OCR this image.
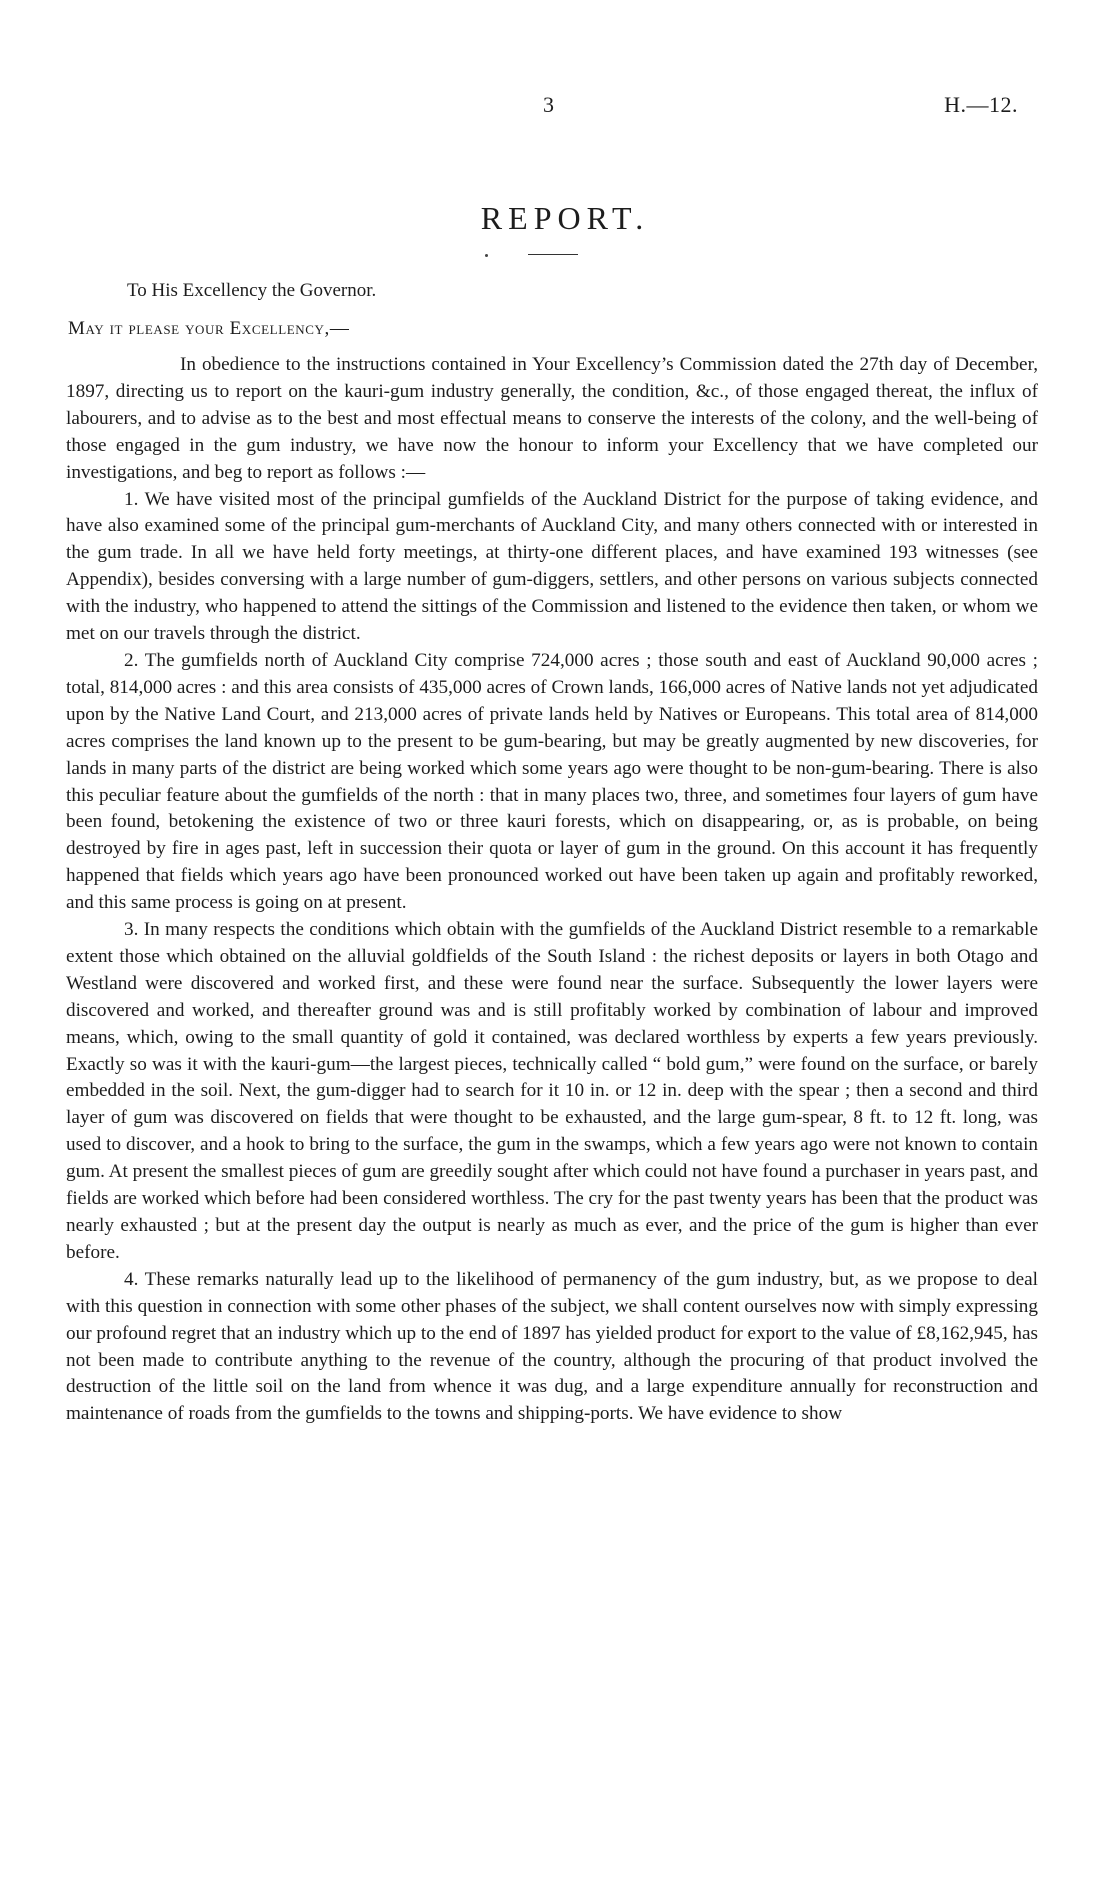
3	H.—12.
REPORT.
To His Excellency the Governor.
May it please your Excellency,—

In obedience to the instructions contained in Your Excellency’s Commission dated the 27th day of December, 1897, directing us to report on the kauri-gum industry generally, the condition, &c., of those engaged thereat, the influx of labourers, and to advise as to the best and most effectual means to conserve the interests of the colony, and the well-being of those engaged in the gum industry, we have now the honour to inform your Excellency that we have completed our investigations, and beg to report as follows :—

1. We have visited most of the principal gumfields of the Auckland District for the purpose of taking evidence, and have also examined some of the principal gum-merchants of Auckland City, and many others connected with or interested in the gum trade. In all we have held forty meetings, at thirty-one different places, and have examined 193 witnesses (see Appendix), besides conversing with a large number of gum-diggers, settlers, and other persons on various subjects connected with the industry, who happened to attend the sittings of the Commission and listened to the evidence then taken, or whom we met on our travels through the district.

2. The gumfields north of Auckland City comprise 724,000 acres ; those south and east of Auckland 90,000 acres ; total, 814,000 acres : and this area consists of 435,000 acres of Crown lands, 166,000 acres of Native lands not yet adjudicated upon by the Native Land Court, and 213,000 acres of private lands held by Natives or Europeans. This total area of 814,000 acres comprises the land known up to the present to be gum-bearing, but may be greatly augmented by new discoveries, for lands in many parts of the district are being worked which some years ago were thought to be non-gum-bearing. There is also this peculiar feature about the gumfields of the north : that in many places two, three, and sometimes four layers of gum have been found, betokening the existence of two or three kauri forests, which on disappearing, or, as is probable, on being destroyed by fire in ages past, left in succession their quota or layer of gum in the ground. On this account it has frequently happened that fields which years ago have been pronounced worked out have been taken up again and profitably reworked, and this same process is going on at present.

3. In many respects the conditions which obtain with the gumfields of the Auckland District resemble to a remarkable extent those which obtained on the alluvial goldfields of the South Island : the richest deposits or layers in both Otago and Westland were discovered and worked first, and these were found near the surface. Subsequently the lower layers were discovered and worked, and thereafter ground was and is still profitably worked by combination of labour and improved means, which, owing to the small quantity of gold it contained, was declared worthless by experts a few years previously. Exactly so was it with the kauri-gum—the largest pieces, technically called “ bold gum,” were found on the surface, or barely embedded in the soil. Next, the gum-digger had to search for it 10 in. or 12 in. deep with the spear ; then a second and third layer of gum was discovered on fields that were thought to be exhausted, and the large gum-spear, 8 ft. to 12 ft. long, was used to discover, and a hook to bring to the surface, the gum in the swamps, which a few years ago were not known to contain gum. At present the smallest pieces of gum are greedily sought after which could not have found a purchaser in years past, and fields are worked which before had been considered worthless. The cry for the past twenty years has been that the product was nearly exhausted ; but at the present day the output is nearly as much as ever, and the price of the gum is higher than ever before.

4. These remarks naturally lead up to the likelihood of permanency of the gum industry, but, as we propose to deal with this question in connection with some other phases of the subject, we shall content ourselves now with simply expressing our profound regret that an industry which up to the end of 1897 has yielded product for export to the value of £8,162,945, has not been made to contribute anything to the revenue of the country, although the procuring of that product involved the destruction of the little soil on the land from whence it was dug, and a large expenditure annually for reconstruction and maintenance of roads from the gumfields to the towns and shipping-ports. We have evidence to show
